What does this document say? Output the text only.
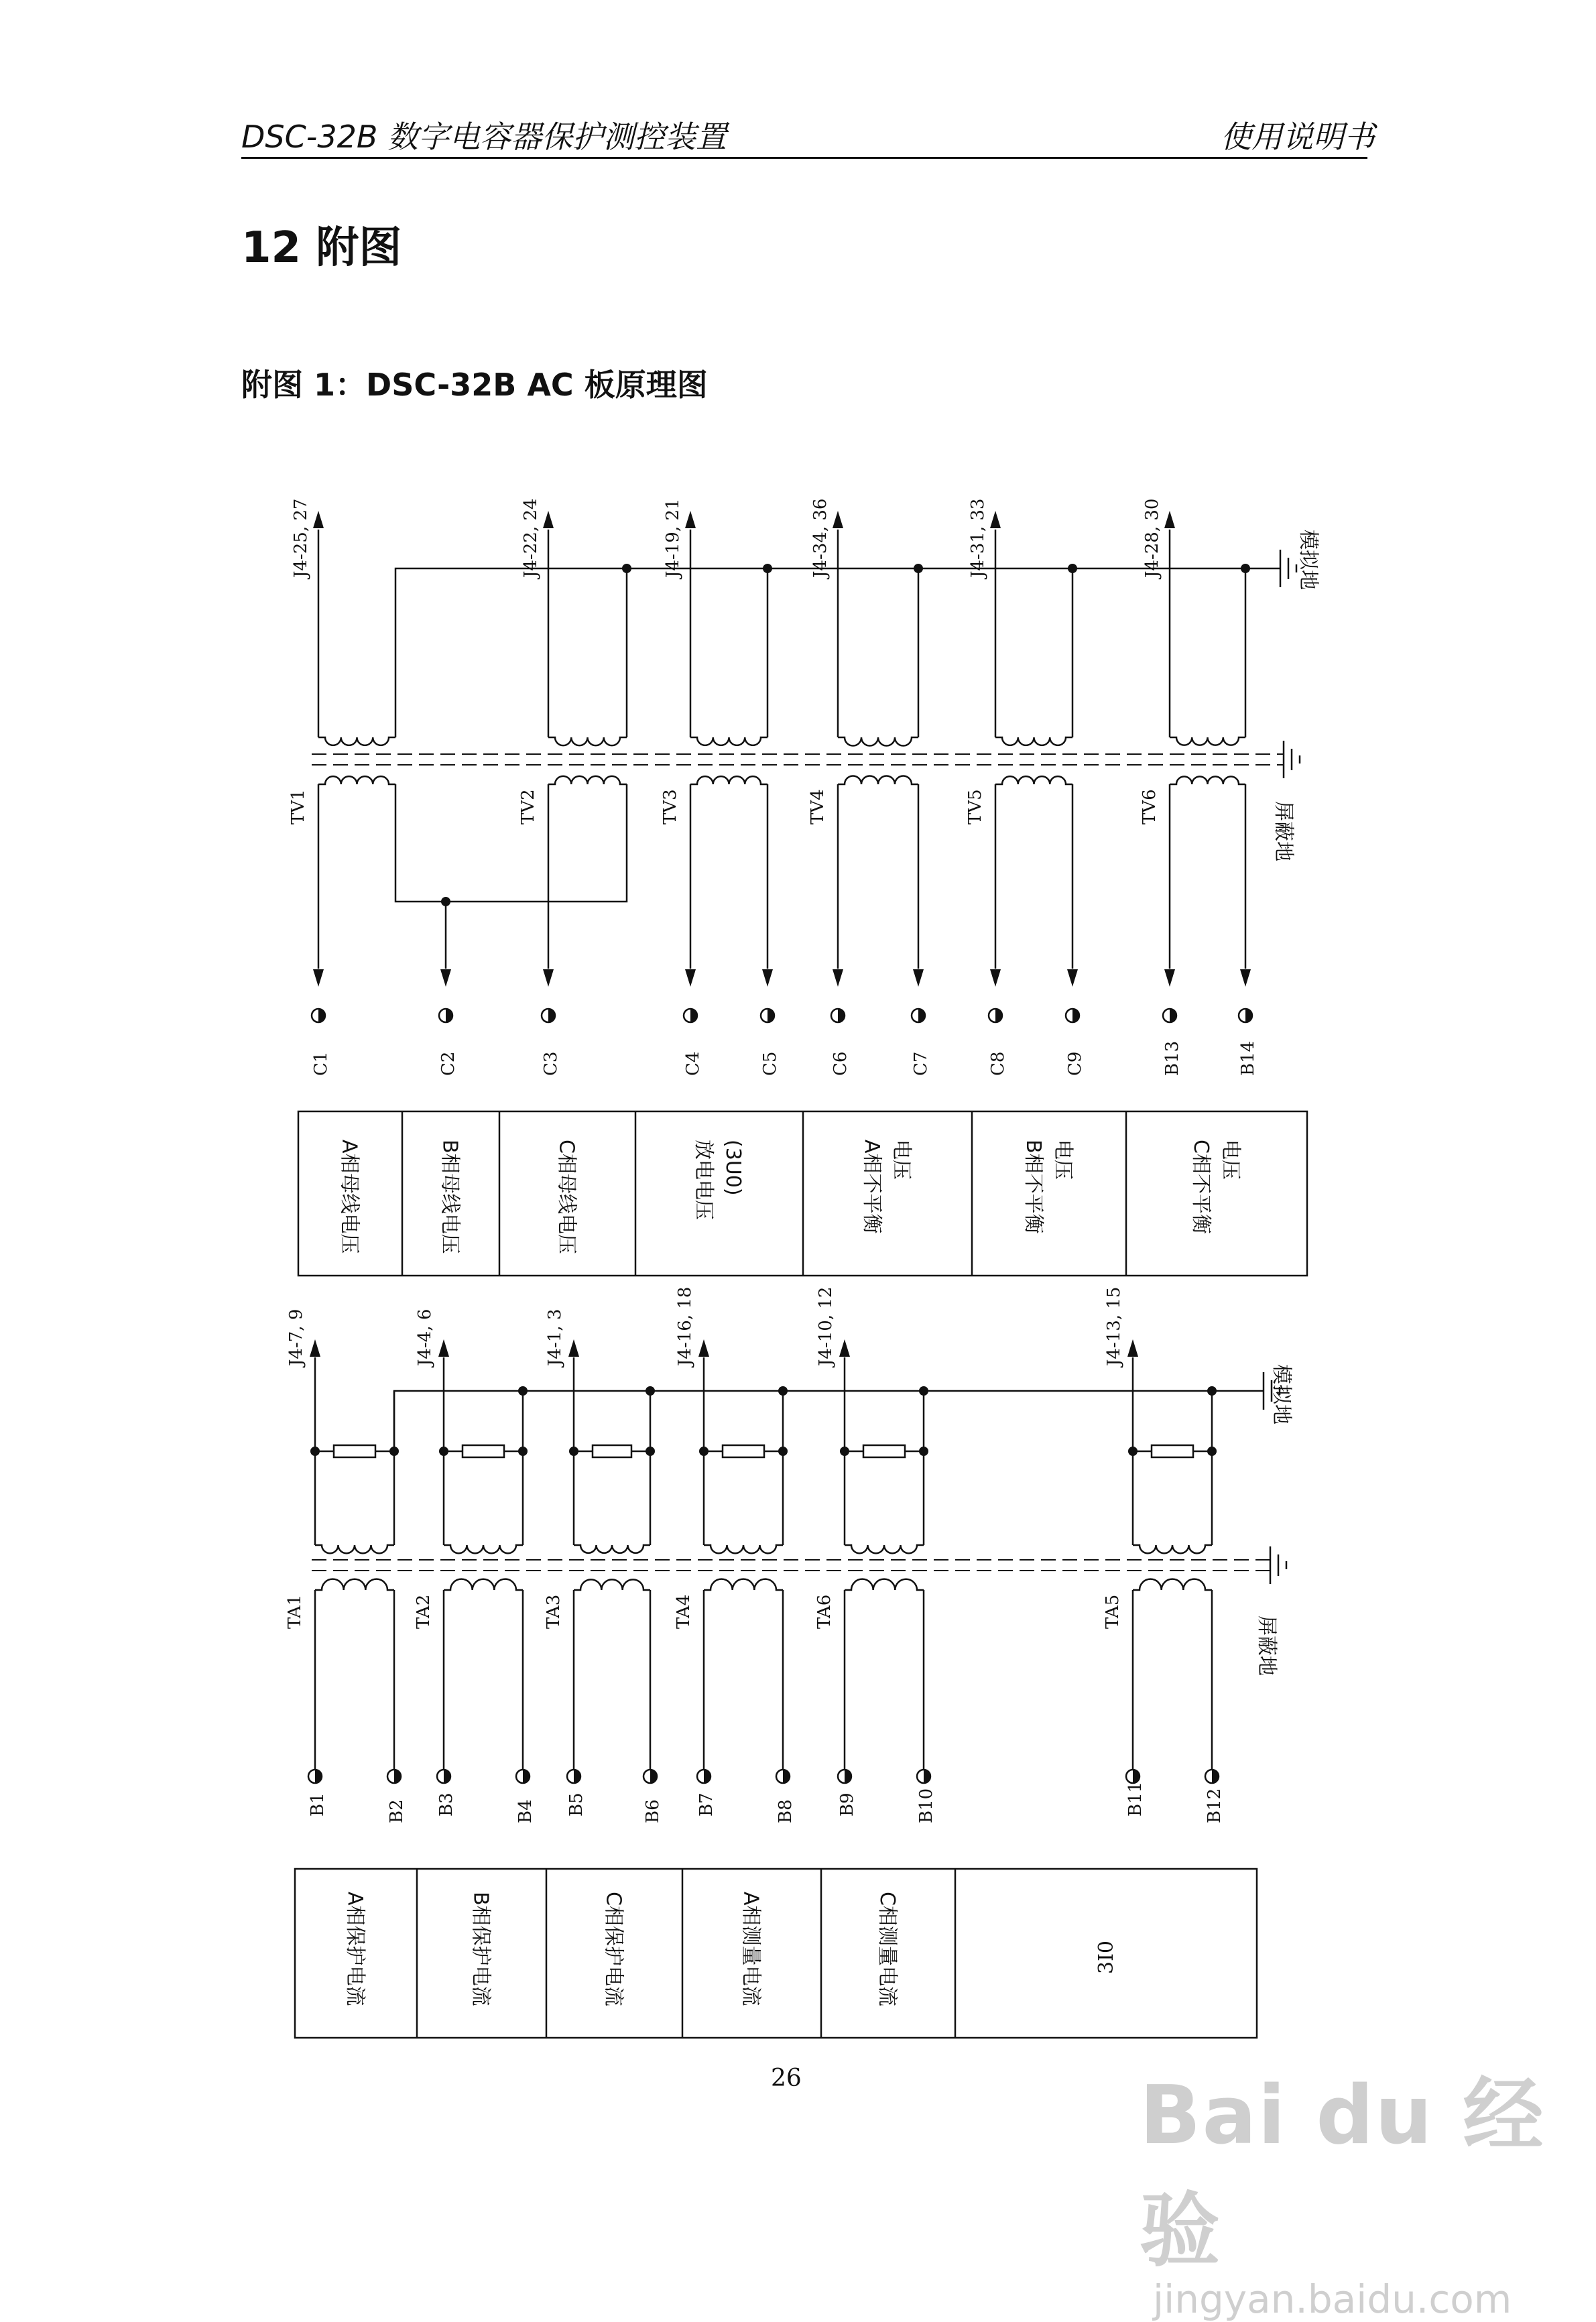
DSC-32B 数字电容器保护测控装置	使用说明书
12 附图
附图 1：DSC-32B AC 板原理图
模拟地
屏蔽地
J4-25, 27
TV1
C1	C2
J4-22, 24
TV2
C3
J4-19, 21
TV3
C4	C5
J4-34, 36
TV4
C6	C7
J4-31, 33
TV5
C8	C9
J4-28, 30
TV6
B13	B14
A相母线电压	B相母线电压	C相母线电压	放电电压 (3U0)	A相不平衡 电压	B相不平衡 电压	C相不平衡 电压
模拟地
屏蔽地
J4-7, 9
TA1
B1	B2
J4-4, 6
TA2
B3	B4
J4-1, 3
TA3
B5	B6
J4-16, 18
TA4
B7	B8
J4-10, 12
TA6
B9	B10
J4-13, 15
TA5
B11	B12
A相保护电流	B相保护电流	C相保护电流	A相测量电流	C相测量电流	3I0
26	Bai du 经验
jingyan.baidu.com
